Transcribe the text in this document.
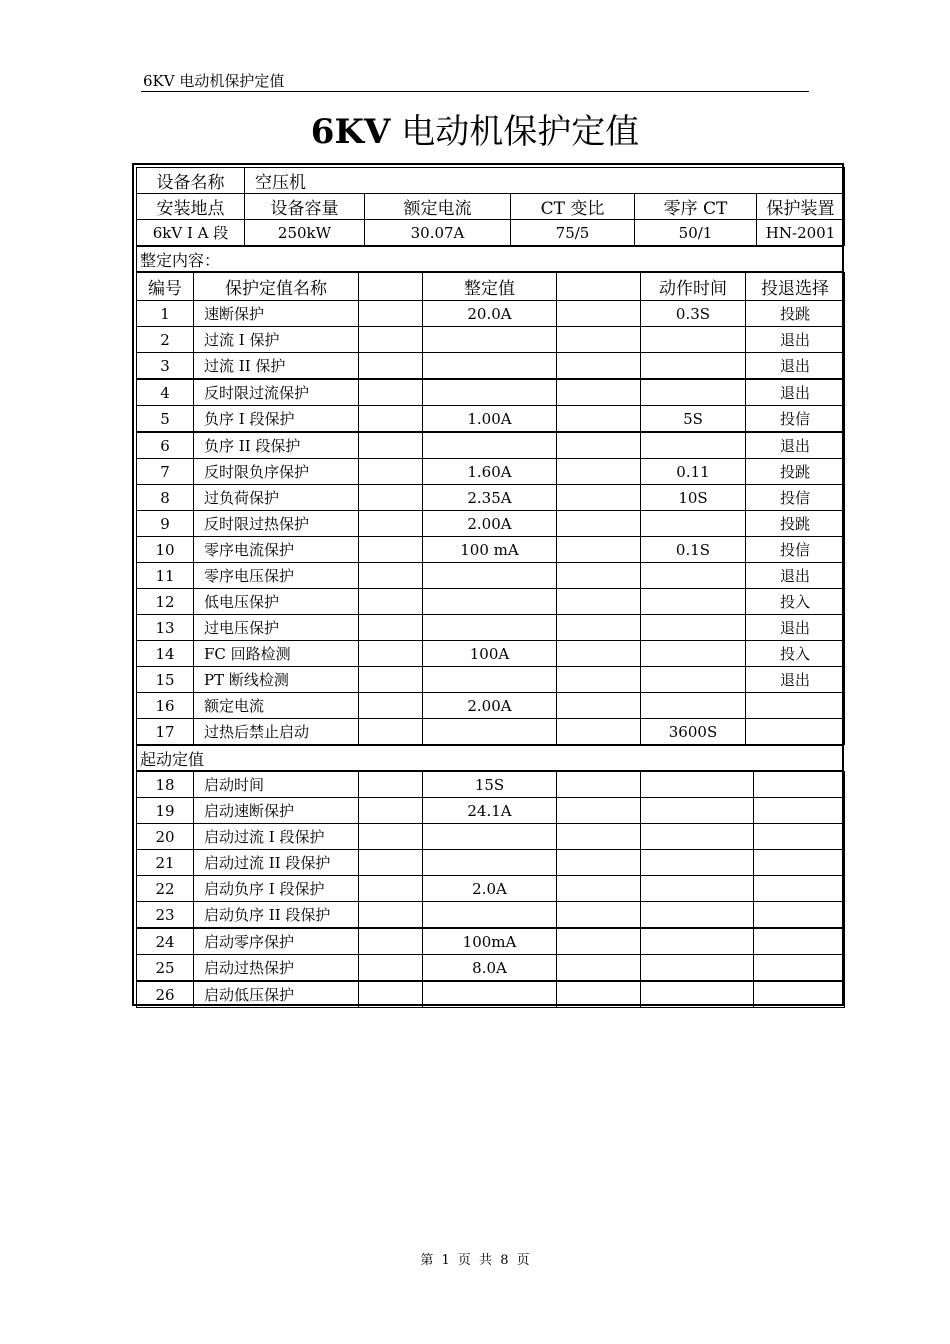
6KV 电动机保护定值
6KV 电动机保护定值
设备名称	空压机				
安装地点	设备容量	额定电流	CT 变比	零序 CT	保护装置
6kV Ⅰ A 段	250kW	30.07A	75/5	50/1	HN-2001
整定内容：
编号	保护定值名称		整定值		动作时间	投退选择
1	速断保护		20.0A		0.3S	投跳
2	过流 I 保护					退出
3	过流 II 保护					退出
4	反时限过流保护					退出
5	负序 I 段保护		1.00A		5S	投信
6	负序 II 段保护					退出
7	反时限负序保护		1.60A		0.11	投跳
8	过负荷保护		2.35A		10S	投信
9	反时限过热保护		2.00A			投跳
10	零序电流保护		100 mA		0.1S	投信
11	零序电压保护					退出
12	低电压保护					投入
13	过电压保护					退出
14	FC 回路检测		100A			投入
15	PT 断线检测					退出
16	额定电流		2.00A			
17	过热后禁止启动				3600S	
起动定值
18	启动时间		15S			
19	启动速断保护		24.1A			
20	启动过流 I 段保护					
21	启动过流 II 段保护					
22	启动负序 I 段保护		2.0A			
23	启动负序 II 段保护					
24	启动零序保护		100mA			
25	启动过热保护		8.0A			
26	启动低压保护					
第 1 页 共 8 页
